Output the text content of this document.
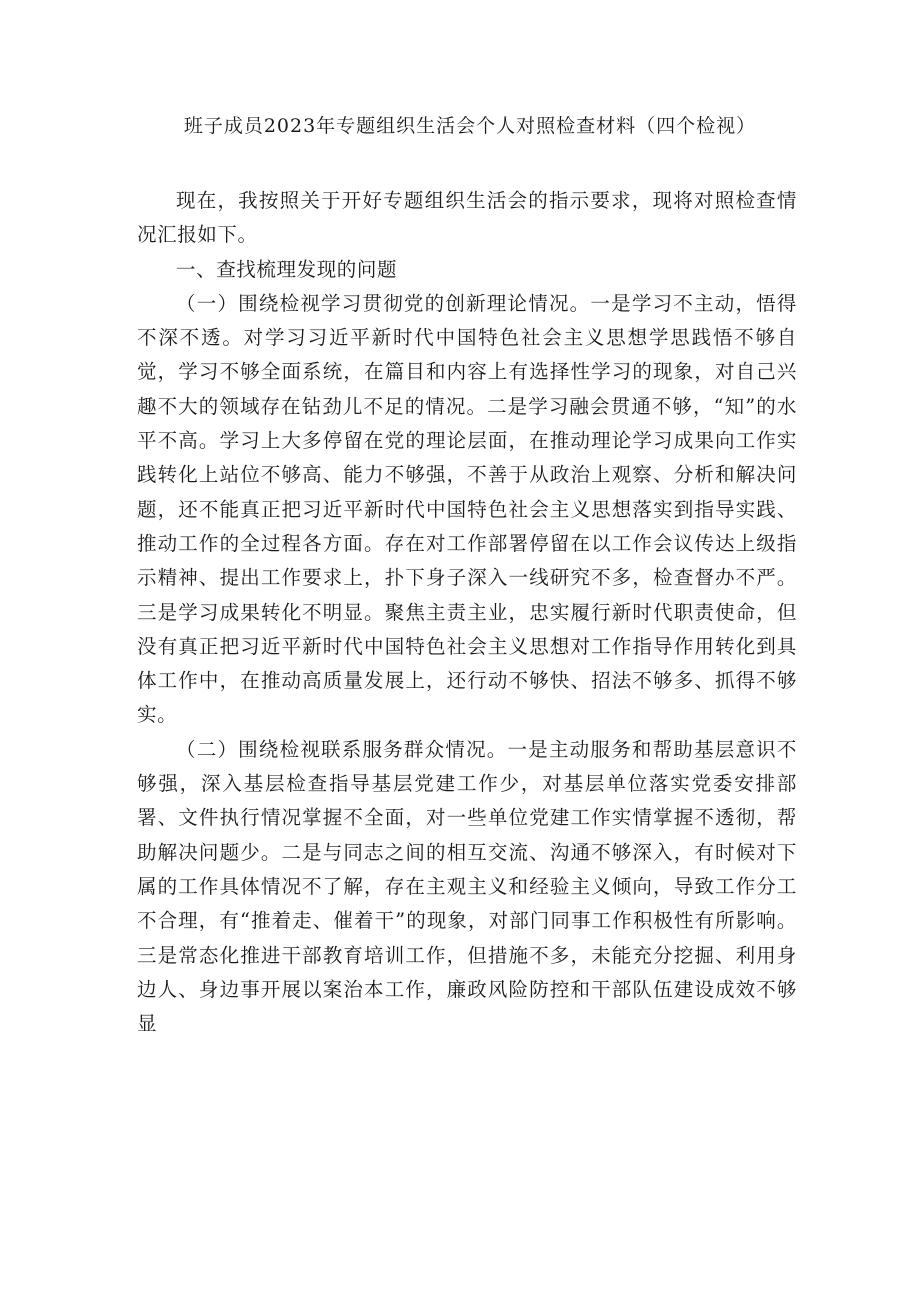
班子成员2023年专题组织生活会个人对照检查材料（四个检视）

现在，我按照关于开好专题组织生活会的指示要求，现将对照检查情况汇报如下。

一、查找梳理发现的问题

（一）围绕检视学习贯彻党的创新理论情况。一是学习不主动，悟得不深不透。对学习习近平新时代中国特色社会主义思想学思践悟不够自觉，学习不够全面系统，在篇目和内容上有选择性学习的现象，对自己兴趣不大的领域存在钻劲儿不足的情况。二是学习融会贯通不够，“知”的水平不高。学习上大多停留在党的理论层面，在推动理论学习成果向工作实践转化上站位不够高、能力不够强，不善于从政治上观察、分析和解决问题，还不能真正把习近平新时代中国特色社会主义思想落实到指导实践、推动工作的全过程各方面。存在对工作部署停留在以工作会议传达上级指示精神、提出工作要求上，扑下身子深入一线研究不多，检查督办不严。三是学习成果转化不明显。聚焦主责主业，忠实履行新时代职责使命，但没有真正把习近平新时代中国特色社会主义思想对工作指导作用转化到具体工作中，在推动高质量发展上，还行动不够快、招法不够多、抓得不够实。

（二）围绕检视联系服务群众情况。一是主动服务和帮助基层意识不够强，深入基层检查指导基层党建工作少，对基层单位落实党委安排部署、文件执行情况掌握不全面，对一些单位党建工作实情掌握不透彻，帮助解决问题少。二是与同志之间的相互交流、沟通不够深入，有时候对下属的工作具体情况不了解，存在主观主义和经验主义倾向，导致工作分工不合理，有“推着走、催着干”的现象，对部门同事工作积极性有所影响。三是常态化推进干部教育培训工作，但措施不多，未能充分挖掘、利用身边人、身边事开展以案治本工作，廉政风险防控和干部队伍建设成效不够显
